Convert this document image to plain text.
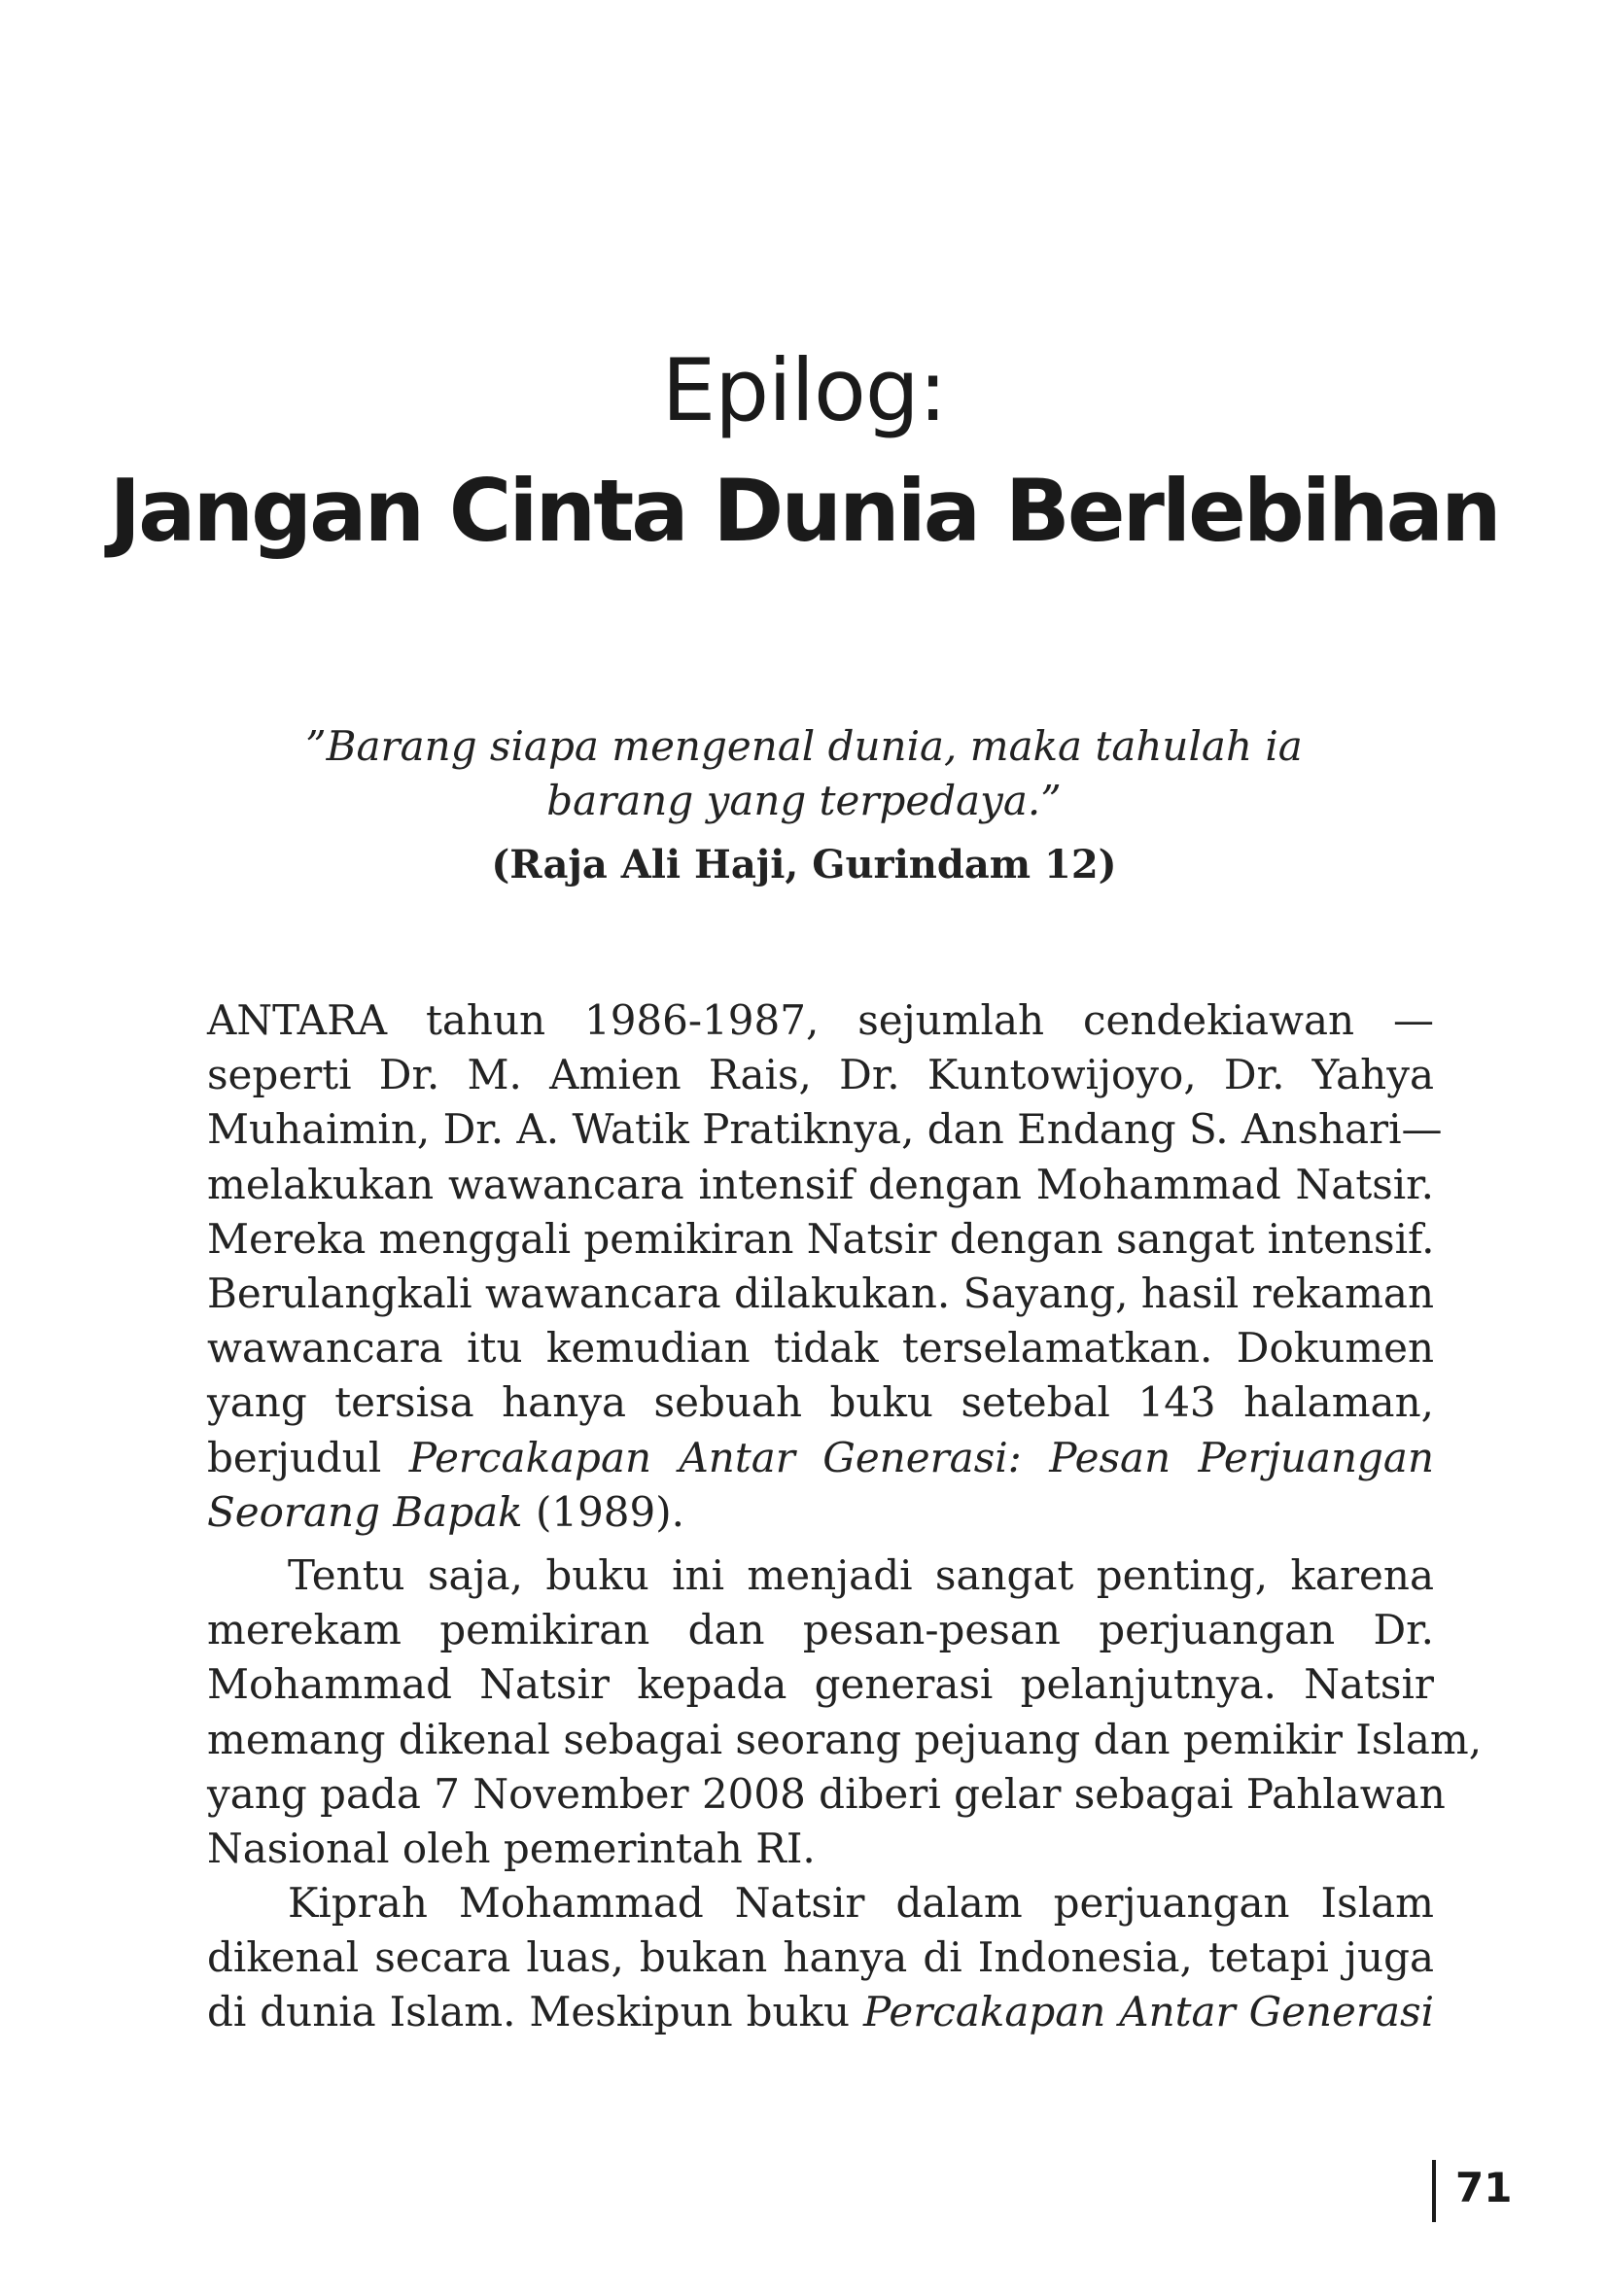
Epilog:
Jangan Cinta Dunia Berlebihan
”Barang siapa mengenal dunia, maka tahulah ia
barang yang terpedaya.”
(Raja Ali Haji, Gurindam 12)
ANTARA tahun 1986-1987, sejumlah cendekiawan —
seperti Dr. M. Amien Rais, Dr. Kuntowijoyo, Dr. Yahya
Muhaimin, Dr. A. Watik Pratiknya, dan Endang S. Anshari—
melakukan wawancara intensif dengan Mohammad Natsir.
Mereka menggali pemikiran Natsir dengan sangat intensif.
Berulangkali wawancara dilakukan. Sayang, hasil rekaman
wawancara itu kemudian tidak terselamatkan. Dokumen
yang tersisa hanya sebuah buku setebal 143 halaman,
berjudul Percakapan Antar Generasi: Pesan Perjuangan
Seorang Bapak (1989).
Tentu saja, buku ini menjadi sangat penting, karena
merekam pemikiran dan pesan-pesan perjuangan Dr.
Mohammad Natsir kepada generasi pelanjutnya. Natsir
memang dikenal sebagai seorang pejuang dan pemikir Islam,
yang pada 7 November 2008 diberi gelar sebagai Pahlawan
Nasional oleh pemerintah RI.
Kiprah Mohammad Natsir dalam perjuangan Islam
dikenal secara luas, bukan hanya di Indonesia, tetapi juga
di dunia Islam. Meskipun buku Percakapan Antar Generasi
71
